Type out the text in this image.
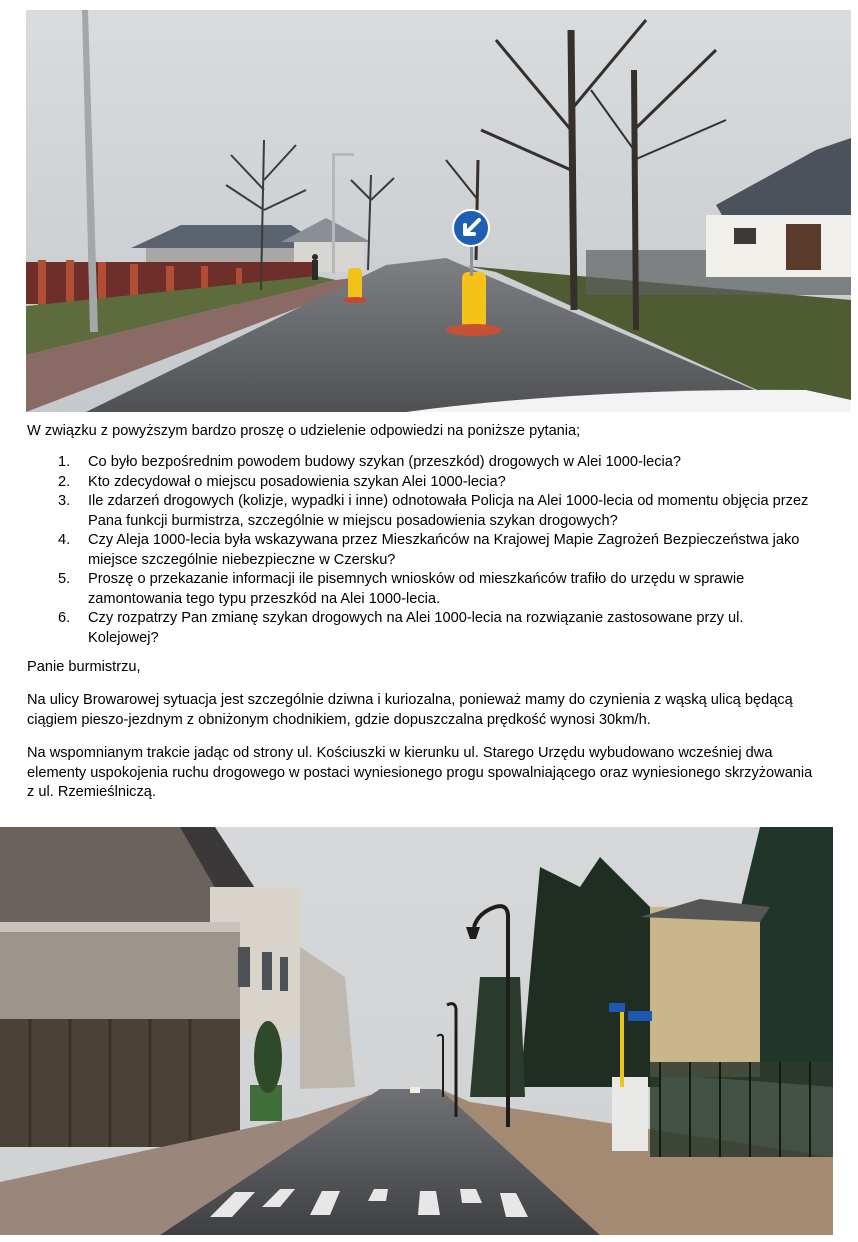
W związku z powyższym bardzo proszę o udzielenie odpowiedzi na poniższe pytania;

1. Co było bezpośrednim powodem budowy szykan (przeszkód) drogowych w Alei 1000-lecia?
2. Kto zdecydował o miejscu posadowienia szykan Alei 1000-lecia?
3. Ile zdarzeń drogowych (kolizje, wypadki i inne) odnotowała Policja na Alei 1000-lecia od momentu objęcia przez Pana funkcji burmistrza, szczególnie w miejscu posadowienia szykan drogowych?
4. Czy Aleja 1000-lecia była wskazywana przez Mieszkańców na Krajowej Mapie Zagrożeń Bezpieczeństwa jako miejsce szczególnie niebezpieczne w Czersku?
5. Proszę o przekazanie informacji ile pisemnych wniosków od mieszkańców trafiło do urzędu w sprawie zamontowania tego typu przeszkód na Alei 1000-lecia.
6. Czy rozpatrzy Pan zmianę szykan drogowych na Alei 1000-lecia na rozwiązanie zastosowane przy ul. Kolejowej?

Panie burmistrzu,

Na ulicy Browarowej sytuacja jest szczególnie dziwna i kuriozalna, ponieważ mamy do czynienia z wąską ulicą będącą ciągiem pieszo-jezdnym z obniżonym chodnikiem, gdzie dopuszczalna prędkość wynosi 30km/h.

Na wspomnianym trakcie jadąc od strony ul. Kościuszki w kierunku ul. Starego Urzędu wybudowano wcześniej dwa elementy uspokojenia ruchu drogowego w postaci wyniesionego progu spowalniającego oraz wyniesionego skrzyżowania z ul. Rzemieślniczą.
